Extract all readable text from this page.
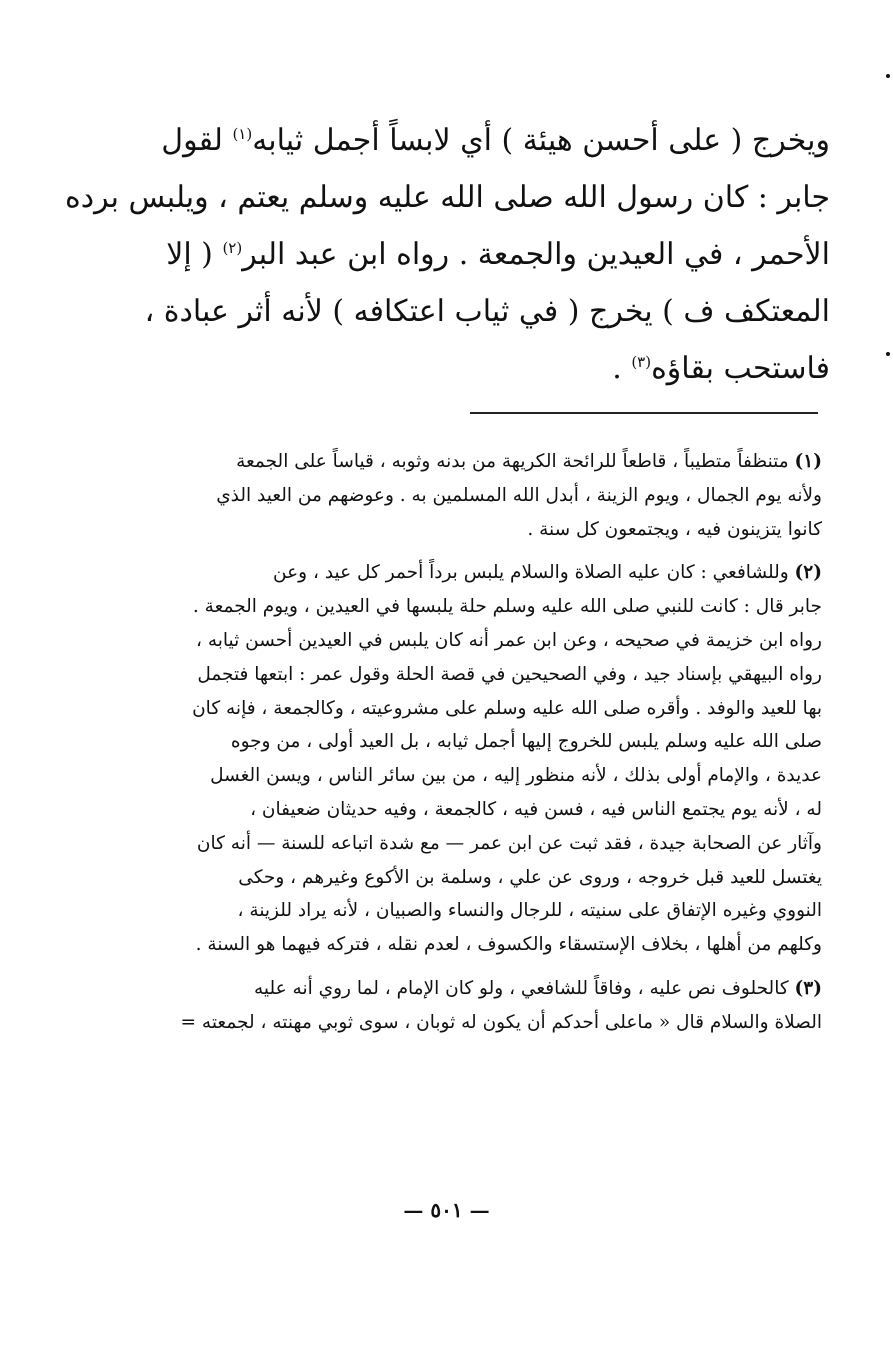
ويخرج ( على أحسن هيئة ) أي لابساً أجمل ثيابه$^{(١)}$ لقول

جابر : كان رسول الله صلى الله عليه وسلم يعتم ، ويلبس برده

الأحمر ، في العيدين والجمعة . رواه ابن عبد البر$^{(٢)}$ ( إلا

المعتكف ف ) يخرج ( في ثياب اعتكافه ) لأنه أثر عبادة ،

فاستحب بقاؤه$^{(٣)}$ .

(١) متنظفاً متطيباً ، قاطعاً للرائحة الكريهة من بدنه وثوبه ، قياساً على الجمعة

ولأنه يوم الجمال ، ويوم الزينة ، أبدل الله المسلمين به . وعوضهم من العيد الذي

كانوا يتزينون فيه ، ويجتمعون كل سنة .

(٢) وللشافعي : كان عليه الصلاة والسلام يلبس برداً أحمر كل عيد ، وعن

جابر قال : كانت للنبي صلى الله عليه وسلم حلة يلبسها في العيدين ، ويوم الجمعة .

رواه ابن خزيمة في صحيحه ، وعن ابن عمر أنه كان يلبس في العيدين أحسن ثيابه ،

رواه البيهقي بإسناد جيد ، وفي الصحيحين في قصة الحلة وقول عمر : ابتعها فتجمل

بها للعيد والوفد . وأقره صلى الله عليه وسلم على مشروعيته ، وكالجمعة ، فإنه كان

صلى الله عليه وسلم يلبس للخروج إليها أجمل ثيابه ، بل العيد أولى ، من وجوه

عديدة ، والإمام أولى بذلك ، لأنه منظور إليه ، من بين سائر الناس ، ويسن الغسل

له ، لأنه يوم يجتمع الناس فيه ، فسن فيه ، كالجمعة ، وفيه حديثان ضعيفان ،

وآثار عن الصحابة جيدة ، فقد ثبت عن ابن عمر — مع شدة اتباعه للسنة — أنه كان

يغتسل للعيد قبل خروجه ، وروى عن علي ، وسلمة بن الأكوع وغيرهم ، وحكى

النووي وغيره الإتفاق على سنيته ، للرجال والنساء والصبيان ، لأنه يراد للزينة ،

وكلهم من أهلها ، بخلاف الإستسقاء والكسوف ، لعدم نقله ، فتركه فيهما هو السنة .

(٣) كالحلوف نص عليه ، وفاقاً للشافعي ، ولو كان الإمام ، لما روي أنه عليه

الصلاة والسلام قال « ماعلى أحدكم أن يكون له ثوبان ، سوى ثوبي مهنته ، لجمعته =

— ٥٠١ —
